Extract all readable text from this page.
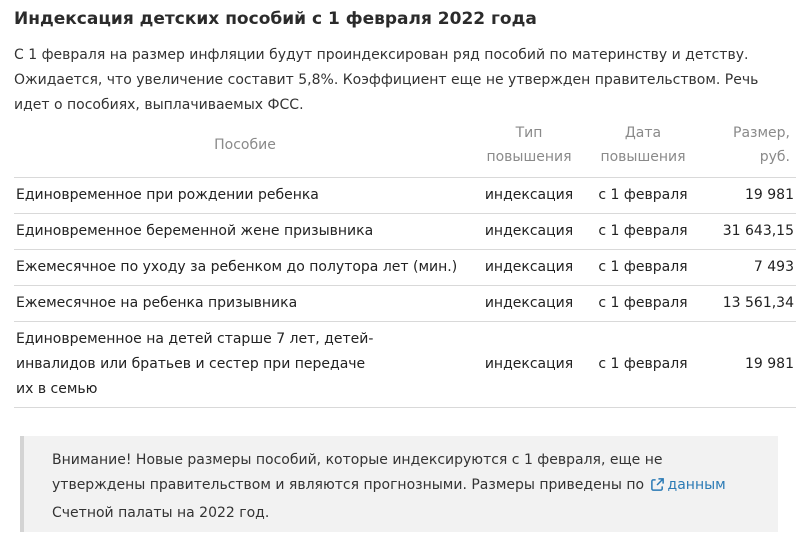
Индексация детских пособий с 1 февраля 2022 года

С 1 февраля на размер инфляции будут проиндексирован ряд пособий по материнству и детству. Ожидается, что увеличение составит 5,8%. Коэффициент еще не утвержден правительством. Речь идет о пособиях, выплачиваемых ФСС.

Пособие	Тип повышения	Дата повышения	Размер, руб.
Единовременное при рождении ребенка	индексация	с 1 февраля	19 981
Единовременное беременной жене призывника	индексация	с 1 февраля	31 643,15
Ежемесячное по уходу за ребенком до полутора лет (мин.)	индексация	с 1 февраля	7 493
Ежемесячное на ребенка призывника	индексация	с 1 февраля	13 561,34
Единовременное на детей старше 7 лет, детей-инвалидов или братьев и сестер при передаче их в семью	индексация	с 1 февраля	19 981
Внимание! Новые размеры пособий, которые индексируются с 1 февраля, еще не утверждены правительством и являются прогнозными. Размеры приведены по данным
Счетной палаты на 2022 год.
